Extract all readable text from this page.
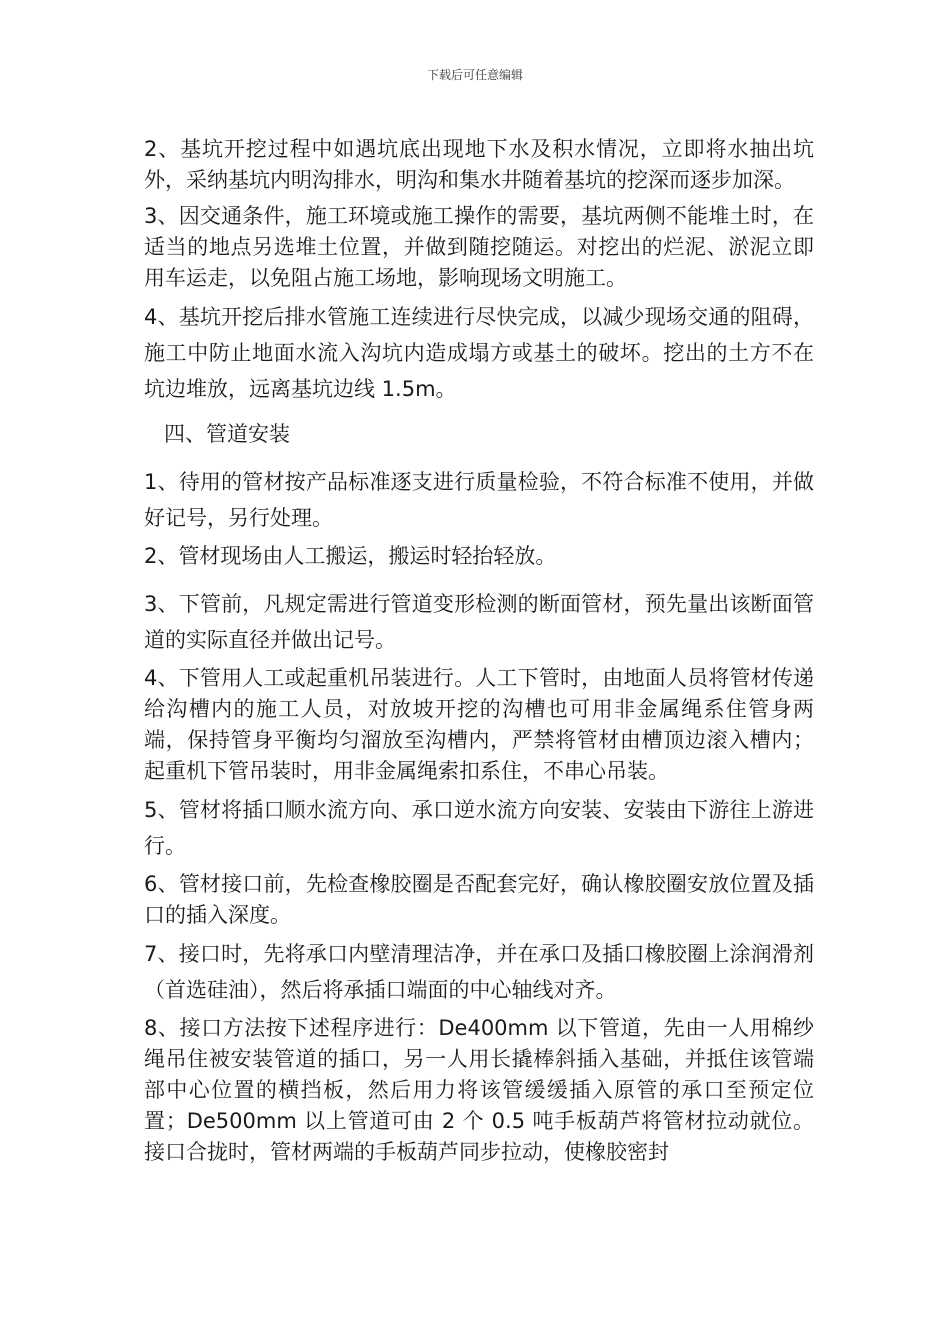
下载后可任意编辑

2、基坑开挖过程中如遇坑底出现地下水及积水情况，立即将水抽出坑外，采纳基坑内明沟排水，明沟和集水井随着基坑的挖深而逐步加深。

3、因交通条件，施工环境或施工操作的需要，基坑两侧不能堆土时，在适当的地点另选堆土位置，并做到随挖随运。对挖出的烂泥、淤泥立即用车运走，以免阻占施工场地，影响现场文明施工。

4、基坑开挖后排水管施工连续进行尽快完成，以减少现场交通的阻碍，施工中防止地面水流入沟坑内造成塌方或基土的破坏。挖出的土方不在坑边堆放，远离基坑边线 1.5m。

四、管道安装

1、待用的管材按产品标准逐支进行质量检验，不符合标准不使用，并做好记号，另行处理。

2、管材现场由人工搬运，搬运时轻抬轻放。

3、下管前，凡规定需进行管道变形检测的断面管材，预先量出该断面管道的实际直径并做出记号。

4、下管用人工或起重机吊装进行。人工下管时，由地面人员将管材传递给沟槽内的施工人员，对放坡开挖的沟槽也可用非金属绳系住管身两端，保持管身平衡均匀溜放至沟槽内，严禁将管材由槽顶边滚入槽内；起重机下管吊装时，用非金属绳索扣系住，不串心吊装。

5、管材将插口顺水流方向、承口逆水流方向安装、安装由下游往上游进行。

6、管材接口前，先检查橡胶圈是否配套完好，确认橡胶圈安放位置及插口的插入深度。

7、接口时，先将承口内壁清理洁净，并在承口及插口橡胶圈上涂润滑剂（首选硅油），然后将承插口端面的中心轴线对齐。

8、接口方法按下述程序进行：De400mm 以下管道，先由一人用棉纱绳吊住被安装管道的插口，另一人用长撬棒斜插入基础，并抵住该管端部中心位置的横挡板，然后用力将该管缓缓插入原管的承口至预定位置；De500mm 以上管道可由 2 个 0.5 吨手板葫芦将管材拉动就位。接口合拢时，管材两端的手板葫芦同步拉动，使橡胶密封
